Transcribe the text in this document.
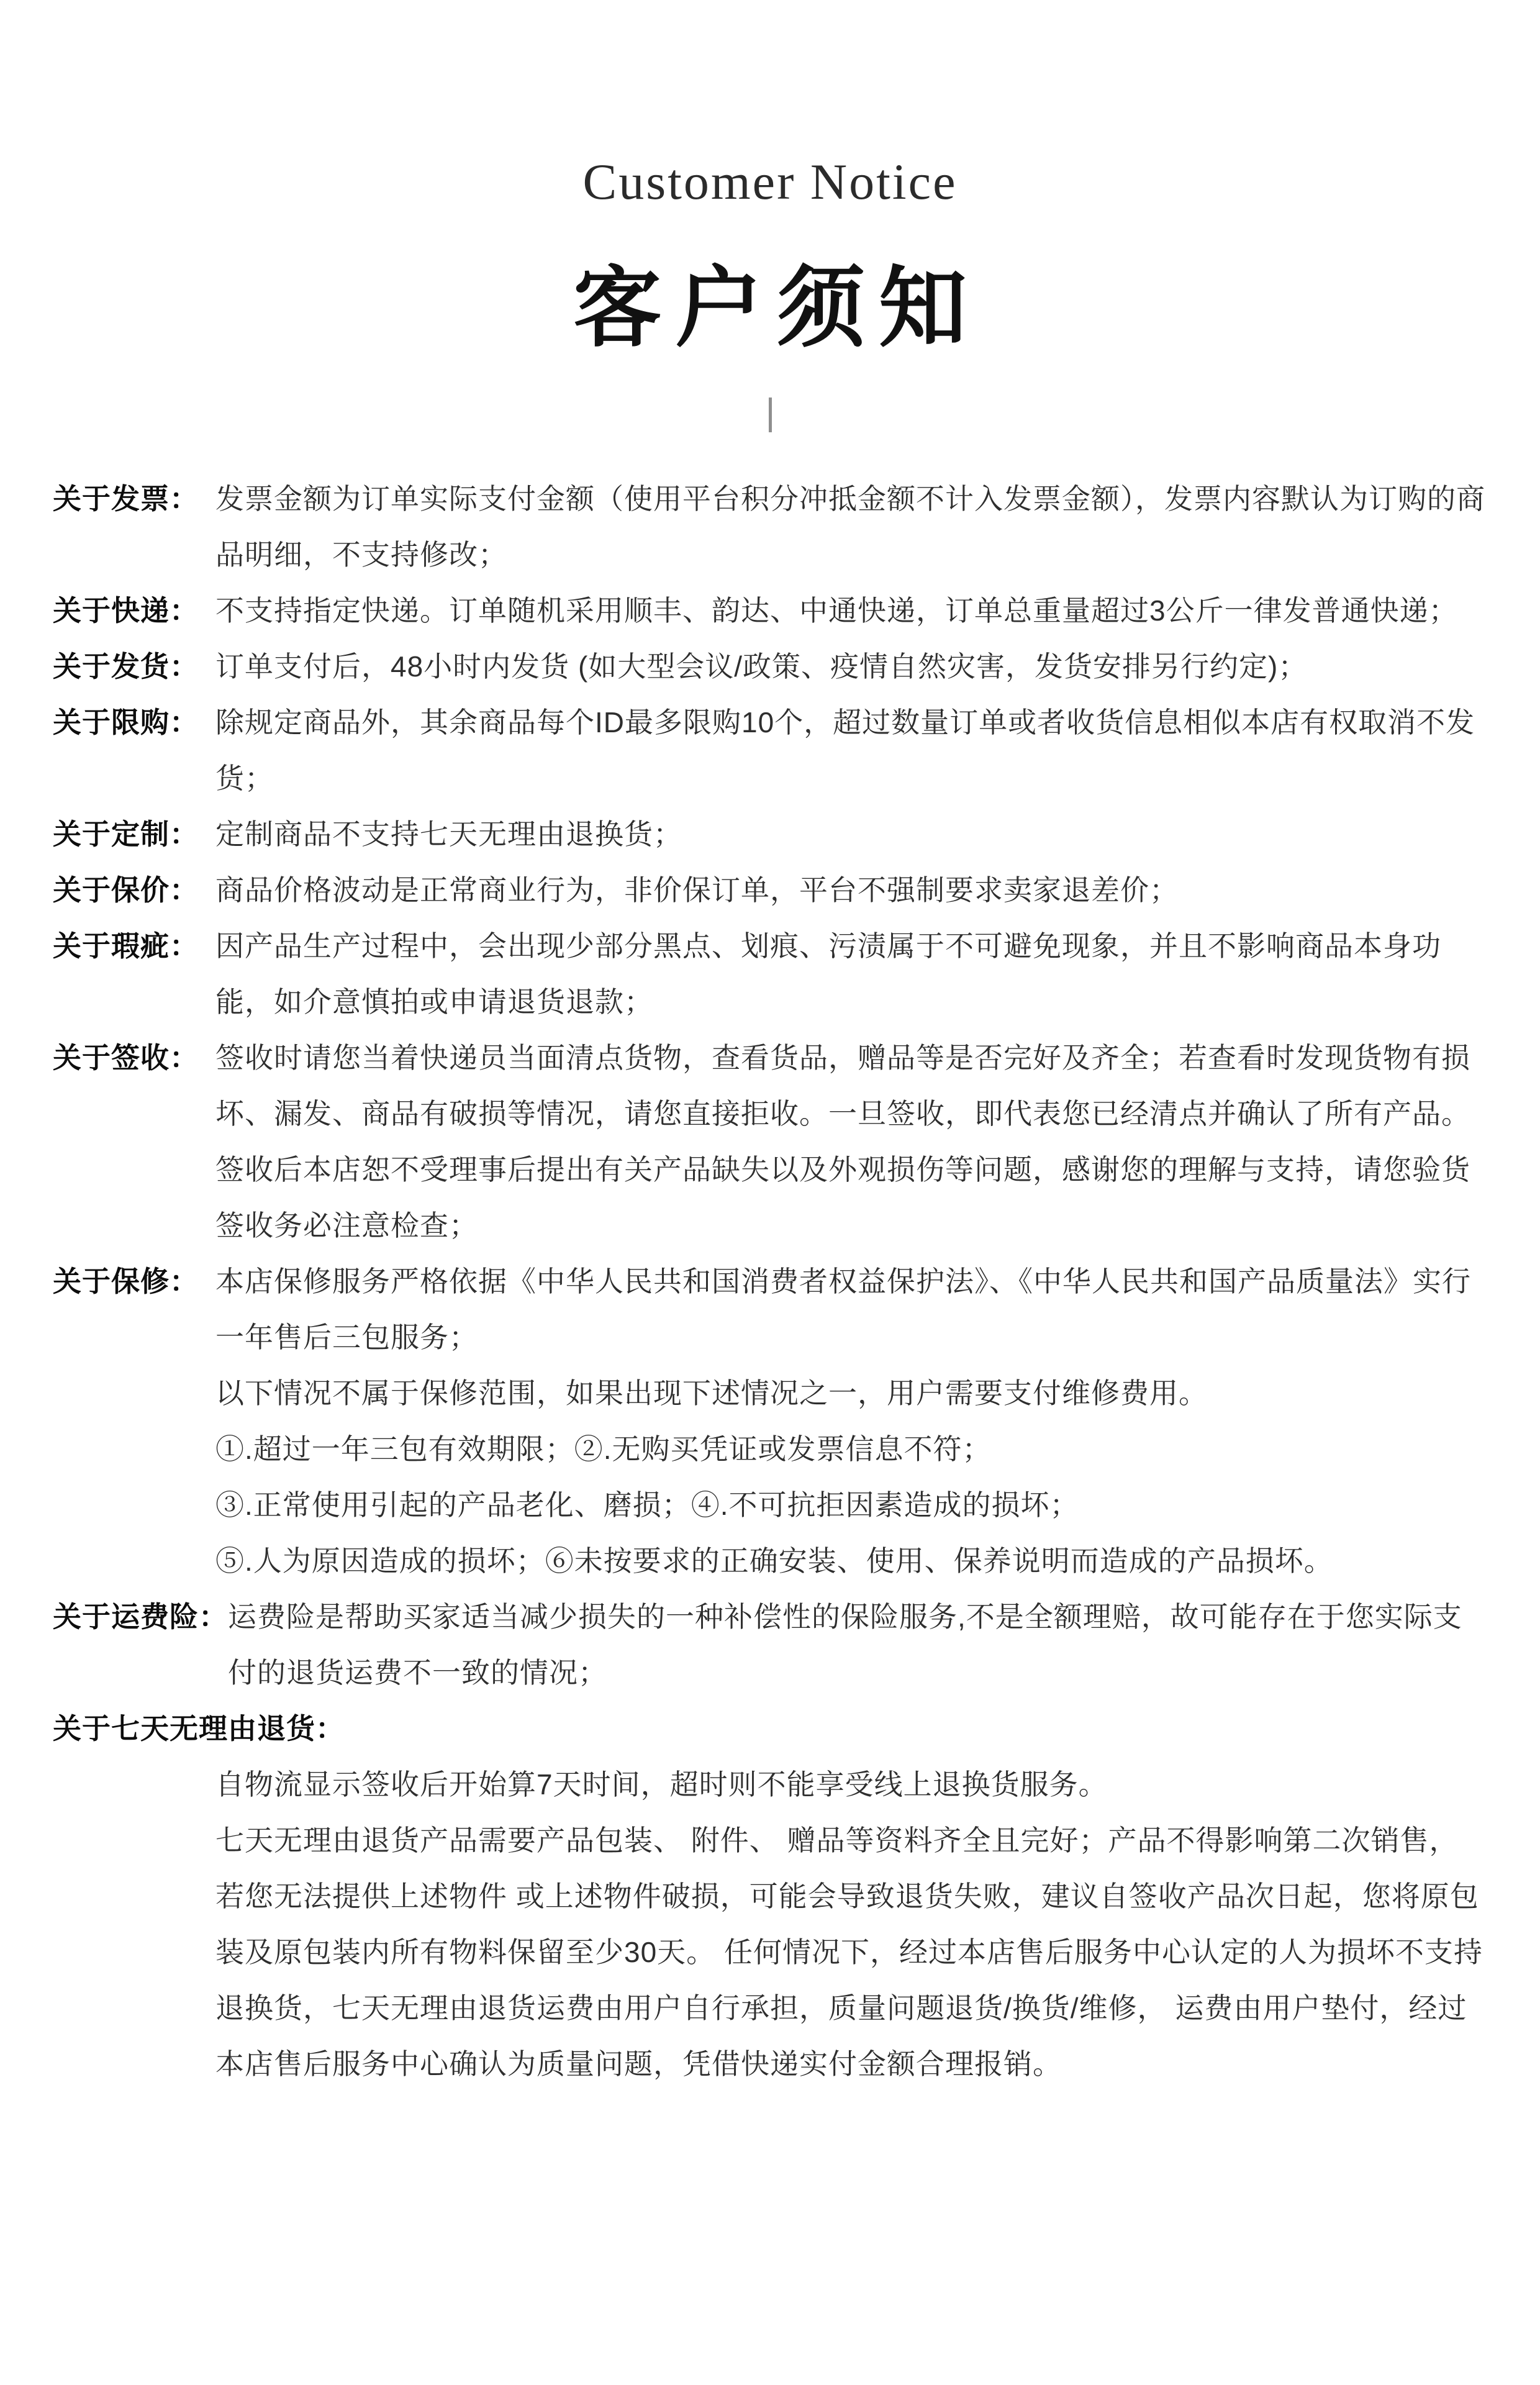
Customer Notice
客户须知
关于发票： 发票金额为订单实际支付金额（使用平台积分冲抵金额不计入发票金额），发票内容默认为订购的商品明细，不支持修改；

关于快递： 不支持指定快递。订单随机采用顺丰、韵达、中通快递，订单总重量超过3公斤一律发普通快递；

关于发货： 订单支付后，48小时内发货 (如大型会议/政策、疫情自然灾害，发货安排另行约定)；

关于限购： 除规定商品外，其余商品每个ID最多限购10个，超过数量订单或者收货信息相似本店有权取消不发货；

关于定制： 定制商品不支持七天无理由退换货；

关于保价： 商品价格波动是正常商业行为，非价保订单，平台不强制要求卖家退差价；

关于瑕疵： 因产品生产过程中，会出现少部分黑点、划痕、污渍属于不可避免现象，并且不影响商品本身功能，如介意慎拍或申请退货退款；

关于签收： 签收时请您当着快递员当面清点货物，查看货品，赠品等是否完好及齐全；若查看时发现货物有损坏、漏发、商品有破损等情况，请您直接拒收。一旦签收，即代表您已经清点并确认了所有产品。签收后本店恕不受理事后提出有关产品缺失以及外观损伤等问题，感谢您的理解与支持，请您验货签收务必注意检查；

关于保修： 本店保修服务严格依据《中华人民共和国消费者权益保护法》、《中华人民共和国产品质量法》实行一年售后三包服务；

以下情况不属于保修范围，如果出现下述情况之一，用户需要支付维修费用。

①.超过一年三包有效期限；②.无购买凭证或发票信息不符；

③.正常使用引起的产品老化、磨损；④.不可抗拒因素造成的损坏；

⑤.人为原因造成的损坏；⑥未按要求的正确安装、使用、保养说明而造成的产品损坏。

关于运费险： 运费险是帮助买家适当减少损失的一种补偿性的保险服务,不是全额理赔，故可能存在于您实际支付的退货运费不一致的情况；

关于七天无理由退货：

自物流显示签收后开始算7天时间，超时则不能享受线上退换货服务。

七天无理由退货产品需要产品包装、 附件、 赠品等资料齐全且完好；产品不得影响第二次销售，若您无法提供上述物件 或上述物件破损，可能会导致退货失败，建议自签收产品次日起，您将原包装及原包装内所有物料保留至少30天。 任何情况下，经过本店售后服务中心认定的人为损坏不支持退换货，七天无理由退货运费由用户自行承担，质量问题退货/换货/维修， 运费由用户垫付，经过本店售后服务中心确认为质量问题，凭借快递实付金额合理报销。
